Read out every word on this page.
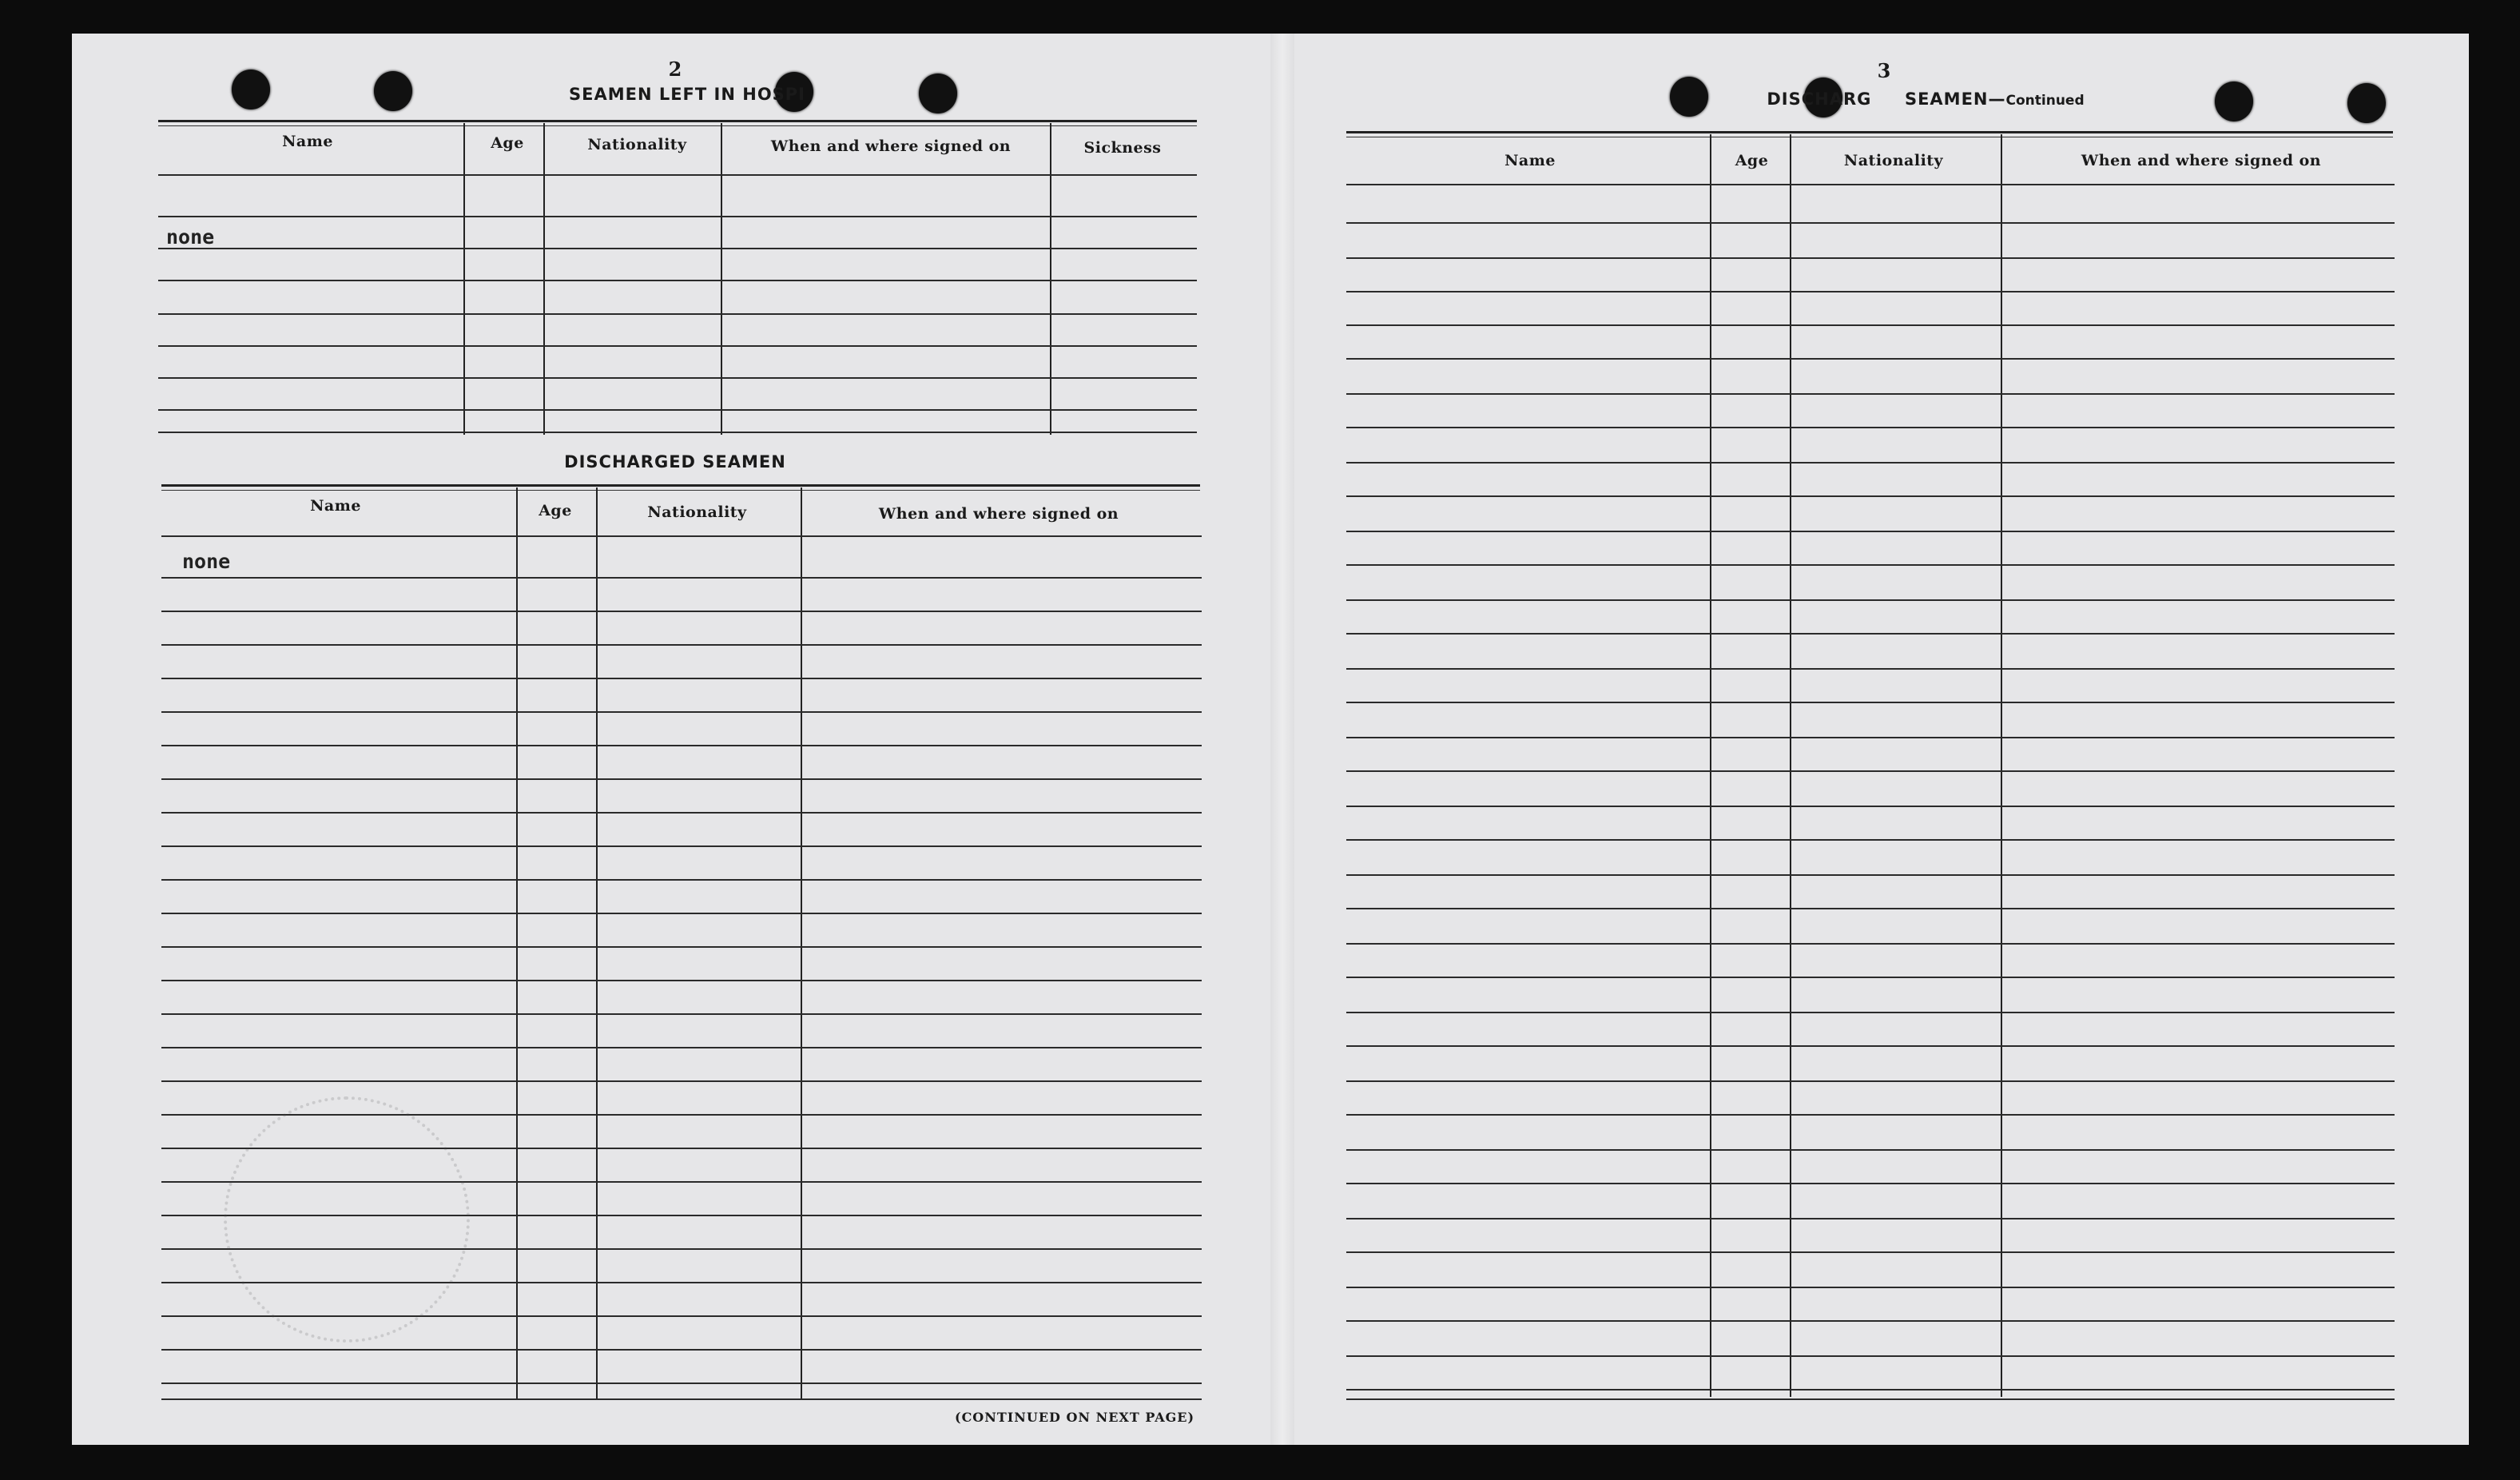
2
SEAMEN LEFT IN HOSPI
Name	Age	Nationality	When and where signed on	Sickness
none
DISCHARGED SEAMEN
Name	Age	Nationality	When and where signed on
none
(CONTINUED ON NEXT PAGE)
3
DISCHARG     SEAMEN—Continued
Name	Age	Nationality	When and where signed on
